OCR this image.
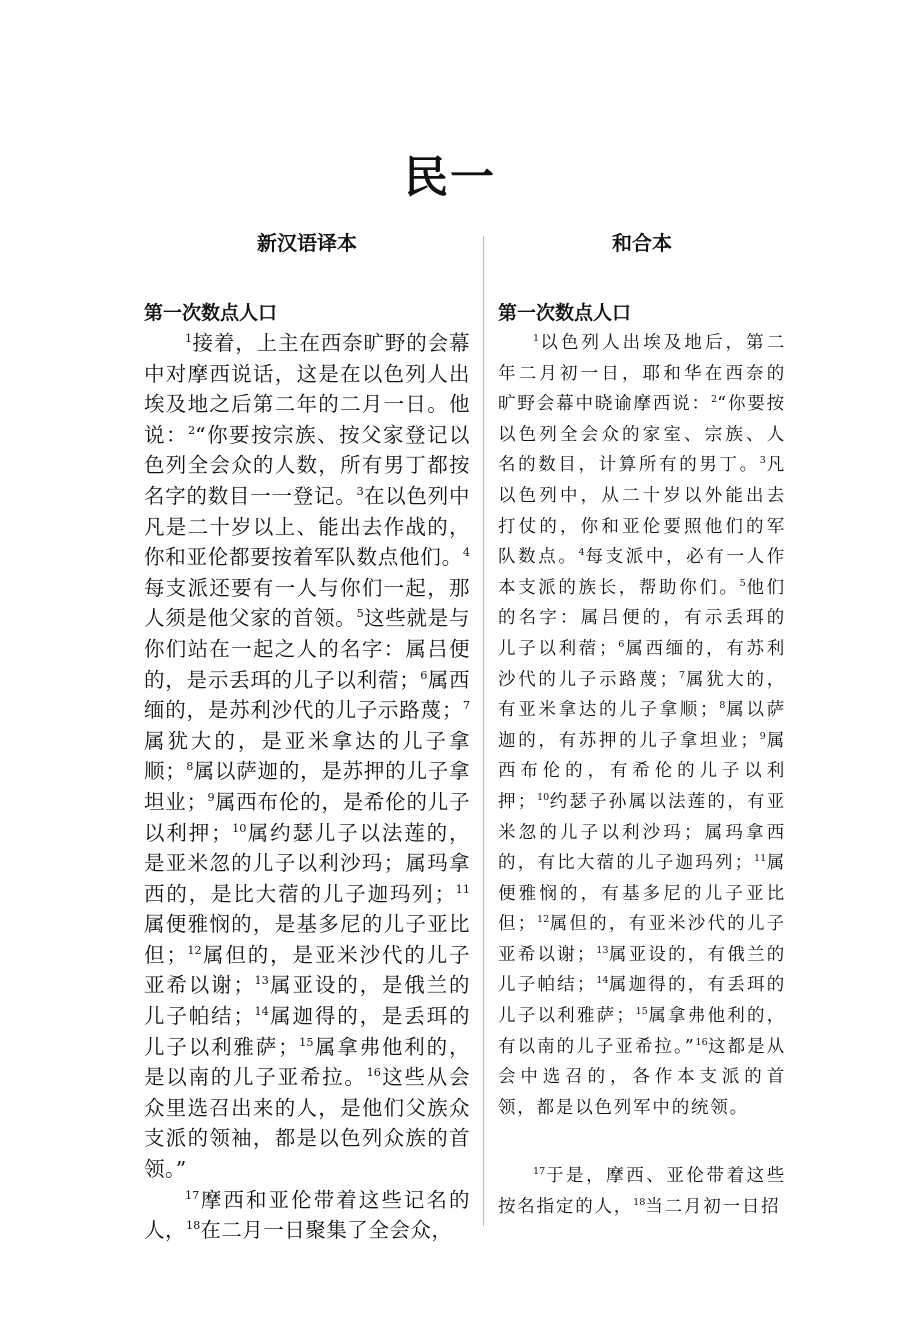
民一
新汉语译本
第一次数点人口

$^1$接着，上主在西奈旷野的会幕中对摩西说话，这是在以色列人出埃及地之后第二年的二月一日。他说：$^2$“你要按宗族、按父家登记以色列全会众的人数，所有男丁都按名字的数目一一登记。$^3$在以色列中凡是二十岁以上、能出去作战的，你和亚伦都要按着军队数点他们。$^4$每支派还要有一人与你们一起，那人须是他父家的首领。$^5$这些就是与你们站在一起之人的名字：属吕便的，是示丢珥的儿子以利蓿；$^6$属西缅的，是苏利沙代的儿子示路蔑；$^7$属犹大的，是亚米拿达的儿子拿顺；$^8$属以萨迦的，是苏押的儿子拿坦业；$^9$属西布伦的，是希伦的儿子以利押；$^{10}$属约瑟儿子以法莲的，是亚米忽的儿子以利沙玛；属玛拿西的，是比大蓿的儿子迦玛列；$^{11}$属便雅悯的，是基多尼的儿子亚比但；$^{12}$属但的，是亚米沙代的儿子亚希以谢；$^{13}$属亚设的，是俄兰的儿子帕结；$^{14}$属迦得的，是丢珥的儿子以利雅萨；$^{15}$属拿弗他利的，是以南的儿子亚希拉。$^{16}$这些从会众里选召出来的人，是他们父族众支派的领袖，都是以色列众族的首领。”

$^{17}$摩西和亚伦带着这些记名的人，$^{18}$在二月一日聚集了全会众，

和合本
第一次数点人口

$^1$以色列人出埃及地后，第二年二月初一日，耶和华在西奈的旷野会幕中晓谕摩西说：$^2$“你要按以色列全会众的家室、宗族、人名的数目，计算所有的男丁。$^3$凡以色列中，从二十岁以外能出去打仗的，你和亚伦要照他们的军队数点。$^4$每支派中，必有一人作本支派的族长，帮助你们。$^5$他们的名字：属吕便的，有示丢珥的儿子以利蓿；$^6$属西缅的，有苏利沙代的儿子示路蔑；$^7$属犹大的，有亚米拿达的儿子拿顺；$^8$属以萨迦的，有苏押的儿子拿坦业；$^9$属西布伦的，有希伦的儿子以利押；$^{10}$约瑟子孙属以法莲的，有亚米忽的儿子以利沙玛；属玛拿西的，有比大蓿的儿子迦玛列；$^{11}$属便雅悯的，有基多尼的儿子亚比但；$^{12}$属但的，有亚米沙代的儿子亚希以谢；$^{13}$属亚设的，有俄兰的儿子帕结；$^{14}$属迦得的，有丢珥的儿子以利雅萨；$^{15}$属拿弗他利的，有以南的儿子亚希拉。”$^{16}$这都是从会中选召的，各作本支派的首领，都是以色列军中的统领。

$^{17}$于是，摩西、亚伦带着这些按名指定的人，$^{18}$当二月初一日招
